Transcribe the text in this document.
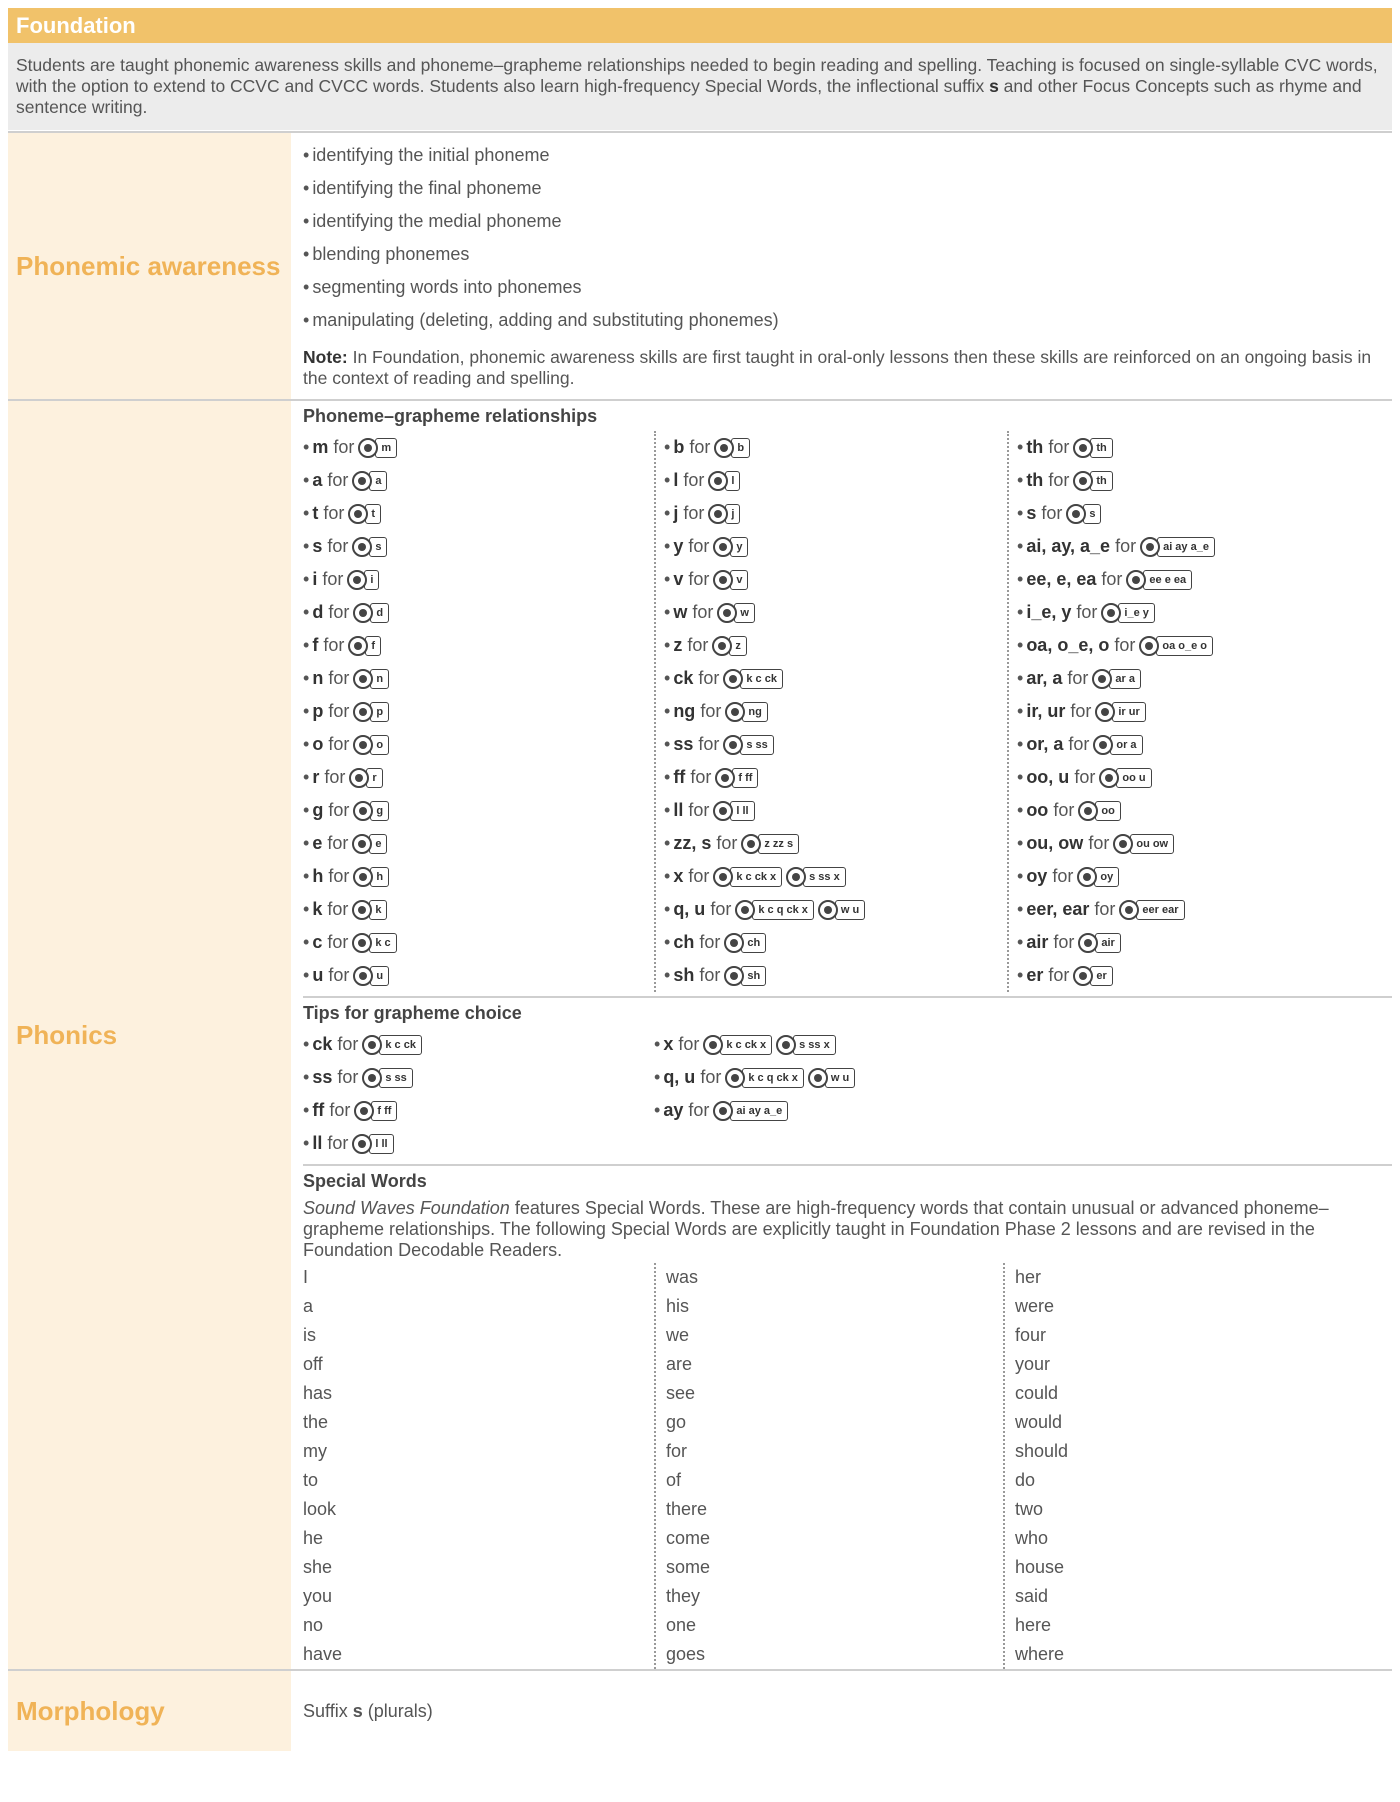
Foundation
Students are taught phonemic awareness skills and phoneme–grapheme relationships needed to begin reading and spelling. Teaching is focused on single-syllable CVC words, with the option to extend to CCVC and CVCC words. Students also learn high-frequency Special Words, the inflectional suffix s and other Focus Concepts such as rhyme and sentence writing.
Phonemic awareness
• identifying the initial phoneme
• identifying the final phoneme
• identifying the medial phoneme
• blending phonemes
• segmenting words into phonemes
• manipulating (deleting, adding and substituting phonemes)
Note: In Foundation, phonemic awareness skills are first taught in oral-only lessons then these skills are reinforced on an ongoing basis in the context of reading and spelling.
Phonics
Phoneme–grapheme relationships
• m for	m
• a for	a
• t for	t
• s for	s
• i for	i
• d for	d
• f for	f
• n for	n
• p for	p
• o for	o
• r for	r
• g for	g
• e for	e
• h for	h
• k for	k
• c for	k c
• u for	u
• b for	b
• l for	l
• j for	j
• y for	y
• v for	v
• w for	w
• z for	z
• ck for	k c ck
• ng for	ng
• ss for	s ss
• ff for	f ff
• ll for	l ll
• zz, s for	z zz s
• x for	k c ck x	s ss x
• q, u for	k c q ck x	w u
• ch for	ch
• sh for	sh
• th for	th
• th for	th
• s for	s
• ai, ay, a_e for	ai ay a_e
• ee, e, ea for	ee e ea
• i_e, y for	i_e y
• oa, o_e, o for	oa o_e o
• ar, a for	ar a
• ir, ur for	ir ur
• or, a for	or a
• oo, u for	oo u
• oo for	oo
• ou, ow for	ou ow
• oy for	oy
• eer, ear for	eer ear
• air for	air
• er for	er
Tips for grapheme choice
• ck for	k c ck
• ss for	s ss
• ff for	f ff
• ll for	l ll
• x for	k c ck x	s ss x
• q, u for	k c q ck x	w u
• ay for	ai ay a_e
Special Words
Sound Waves Foundation features Special Words. These are high-frequency words that contain unusual or advanced phoneme–grapheme relationships. The following Special Words are explicitly taught in Foundation Phase 2 lessons and are revised in the Foundation Decodable Readers.
I
a
is
off
has
the
my
to
look
he
she
you
no
have
was
his
we
are
see
go
for
of
there
come
some
they
one
goes
her
were
four
your
could
would
should
do
two
who
house
said
here
where
Morphology	Suffix s (plurals)
